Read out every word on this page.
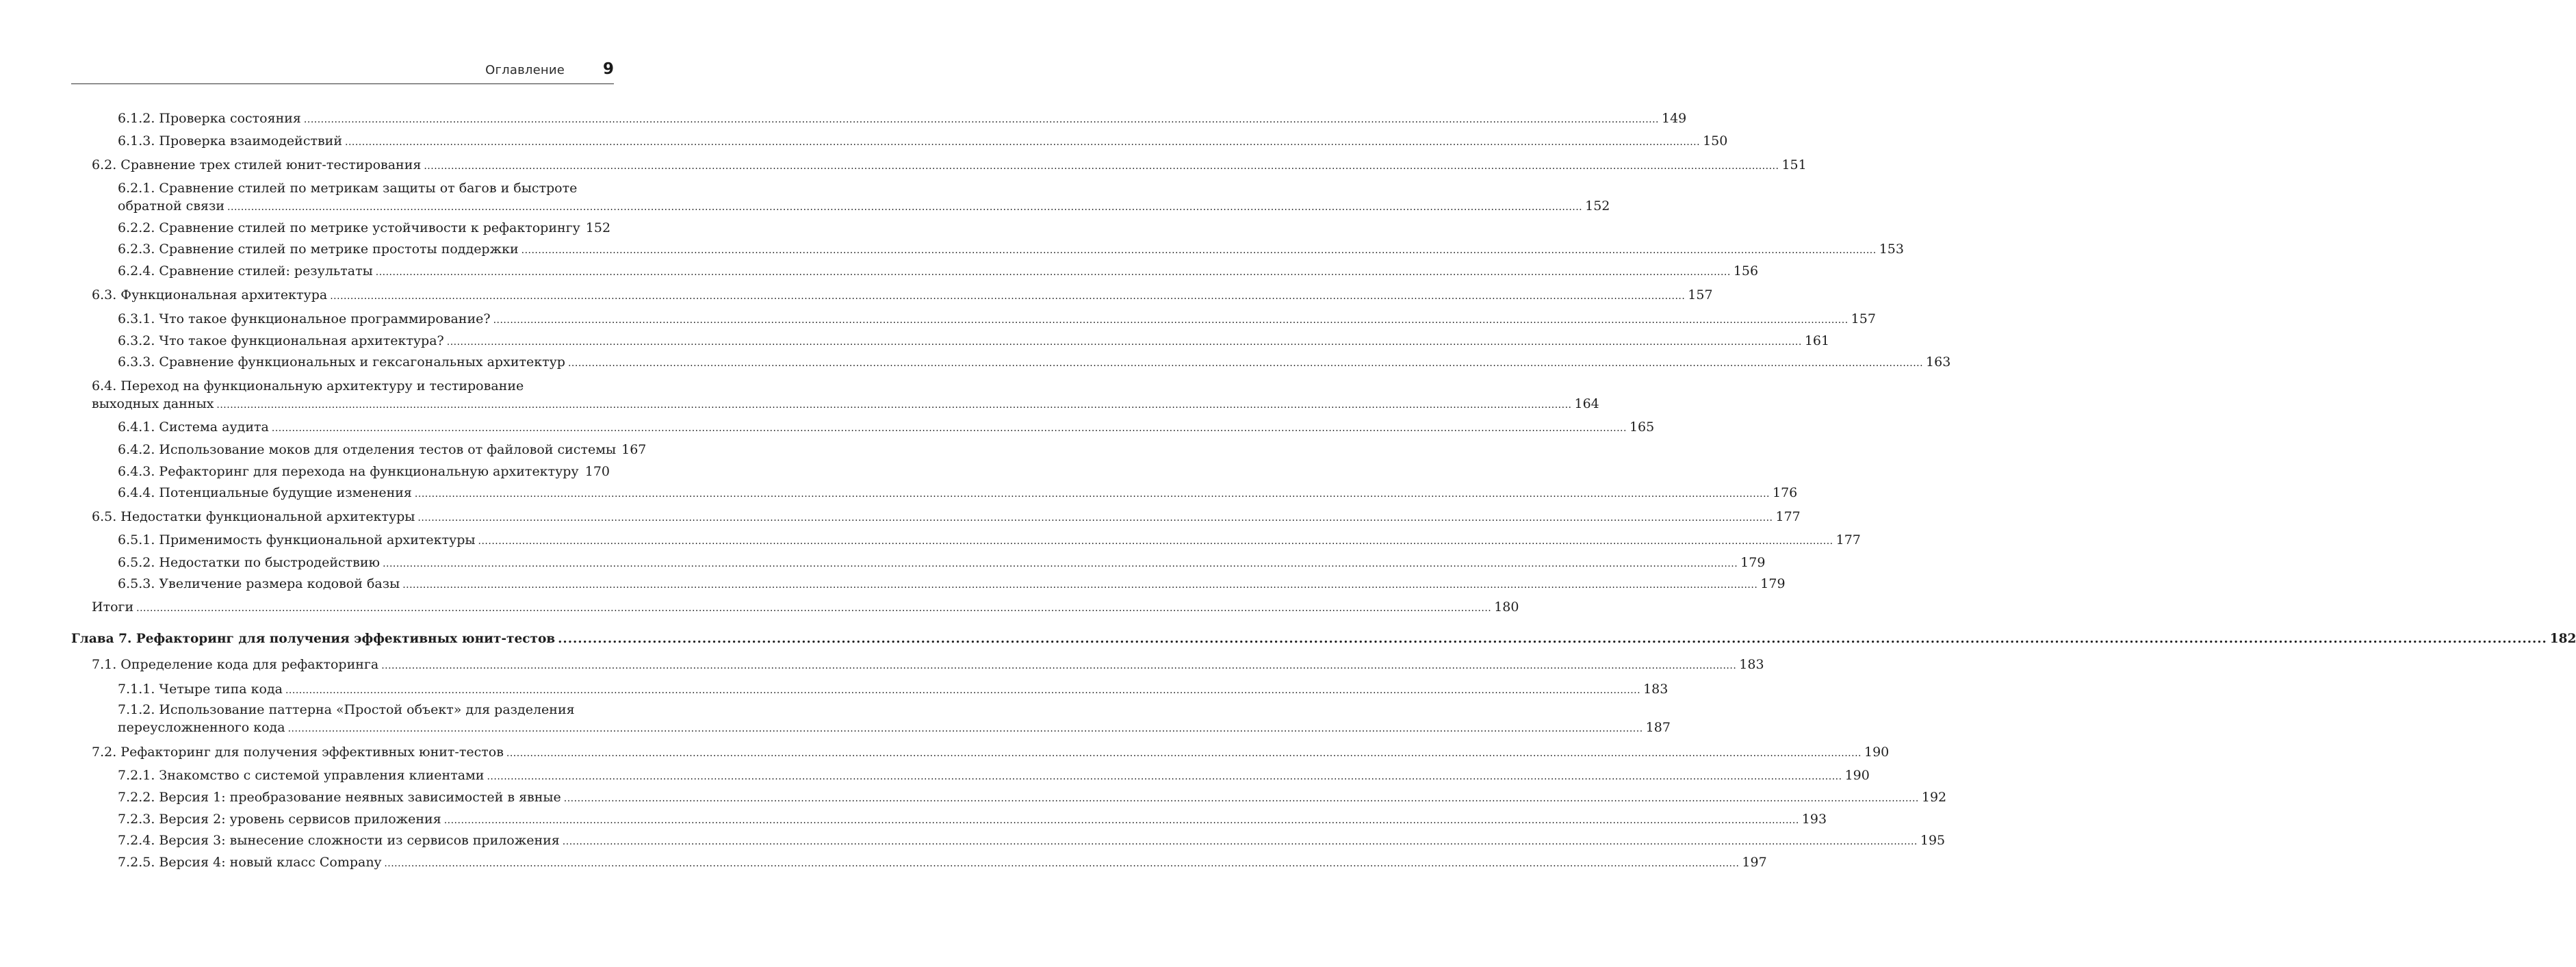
Оглавление 9
6.1.2. Проверка состояния ................................................................................................................................................................................................................................................................................................................................................................................................................ 149
6.1.3. Проверка взаимодействий ................................................................................................................................................................................................................................................................................................................................................................................................................ 150
6.2. Сравнение трех стилей юнит-тестирования ................................................................................................................................................................................................................................................................................................................................................................................................................ 151
6.2.1. Сравнение стилей по метрикам защиты от багов и быстроте
обратной связи ................................................................................................................................................................................................................................................................................................................................................................................................................ 152
6.2.2. Сравнение стилей по метрике устойчивости к рефакторингу 152
6.2.3. Сравнение стилей по метрике простоты поддержки ................................................................................................................................................................................................................................................................................................................................................................................................................ 153
6.2.4. Сравнение стилей: результаты ................................................................................................................................................................................................................................................................................................................................................................................................................ 156
6.3. Функциональная архитектура ................................................................................................................................................................................................................................................................................................................................................................................................................ 157
6.3.1. Что такое функциональное программирование? ................................................................................................................................................................................................................................................................................................................................................................................................................ 157
6.3.2. Что такое функциональная архитектура? ................................................................................................................................................................................................................................................................................................................................................................................................................ 161
6.3.3. Сравнение функциональных и гексагональных архитектур ................................................................................................................................................................................................................................................................................................................................................................................................................ 163
6.4. Переход на функциональную архитектуру и тестирование
выходных данных ................................................................................................................................................................................................................................................................................................................................................................................................................ 164
6.4.1. Система аудита ................................................................................................................................................................................................................................................................................................................................................................................................................ 165
6.4.2. Использование моков для отделения тестов от файловой системы 167
6.4.3. Рефакторинг для перехода на функциональную архитектуру 170
6.4.4. Потенциальные будущие изменения ................................................................................................................................................................................................................................................................................................................................................................................................................ 176
6.5. Недостатки функциональной архитектуры ................................................................................................................................................................................................................................................................................................................................................................................................................ 177
6.5.1. Применимость функциональной архитектуры ................................................................................................................................................................................................................................................................................................................................................................................................................ 177
6.5.2. Недостатки по быстродействию ................................................................................................................................................................................................................................................................................................................................................................................................................ 179
6.5.3. Увеличение размера кодовой базы ................................................................................................................................................................................................................................................................................................................................................................................................................ 179
Итоги ................................................................................................................................................................................................................................................................................................................................................................................................................ 180
Глава 7. Рефакторинг для получения эффективных юнит-тестов ................................................................................................................................................................................................................................................................................................................................................................................................................ 182
7.1. Определение кода для рефакторинга ................................................................................................................................................................................................................................................................................................................................................................................................................ 183
7.1.1. Четыре типа кода ................................................................................................................................................................................................................................................................................................................................................................................................................ 183
7.1.2. Использование паттерна «Простой объект» для разделения
переусложненного кода ................................................................................................................................................................................................................................................................................................................................................................................................................ 187
7.2. Рефакторинг для получения эффективных юнит-тестов ................................................................................................................................................................................................................................................................................................................................................................................................................ 190
7.2.1. Знакомство с системой управления клиентами ................................................................................................................................................................................................................................................................................................................................................................................................................ 190
7.2.2. Версия 1: преобразование неявных зависимостей в явные ................................................................................................................................................................................................................................................................................................................................................................................................................ 192
7.2.3. Версия 2: уровень сервисов приложения ................................................................................................................................................................................................................................................................................................................................................................................................................ 193
7.2.4. Версия 3: вынесение сложности из сервисов приложения ................................................................................................................................................................................................................................................................................................................................................................................................................ 195
7.2.5. Версия 4: новый класс Company ................................................................................................................................................................................................................................................................................................................................................................................................................ 197
